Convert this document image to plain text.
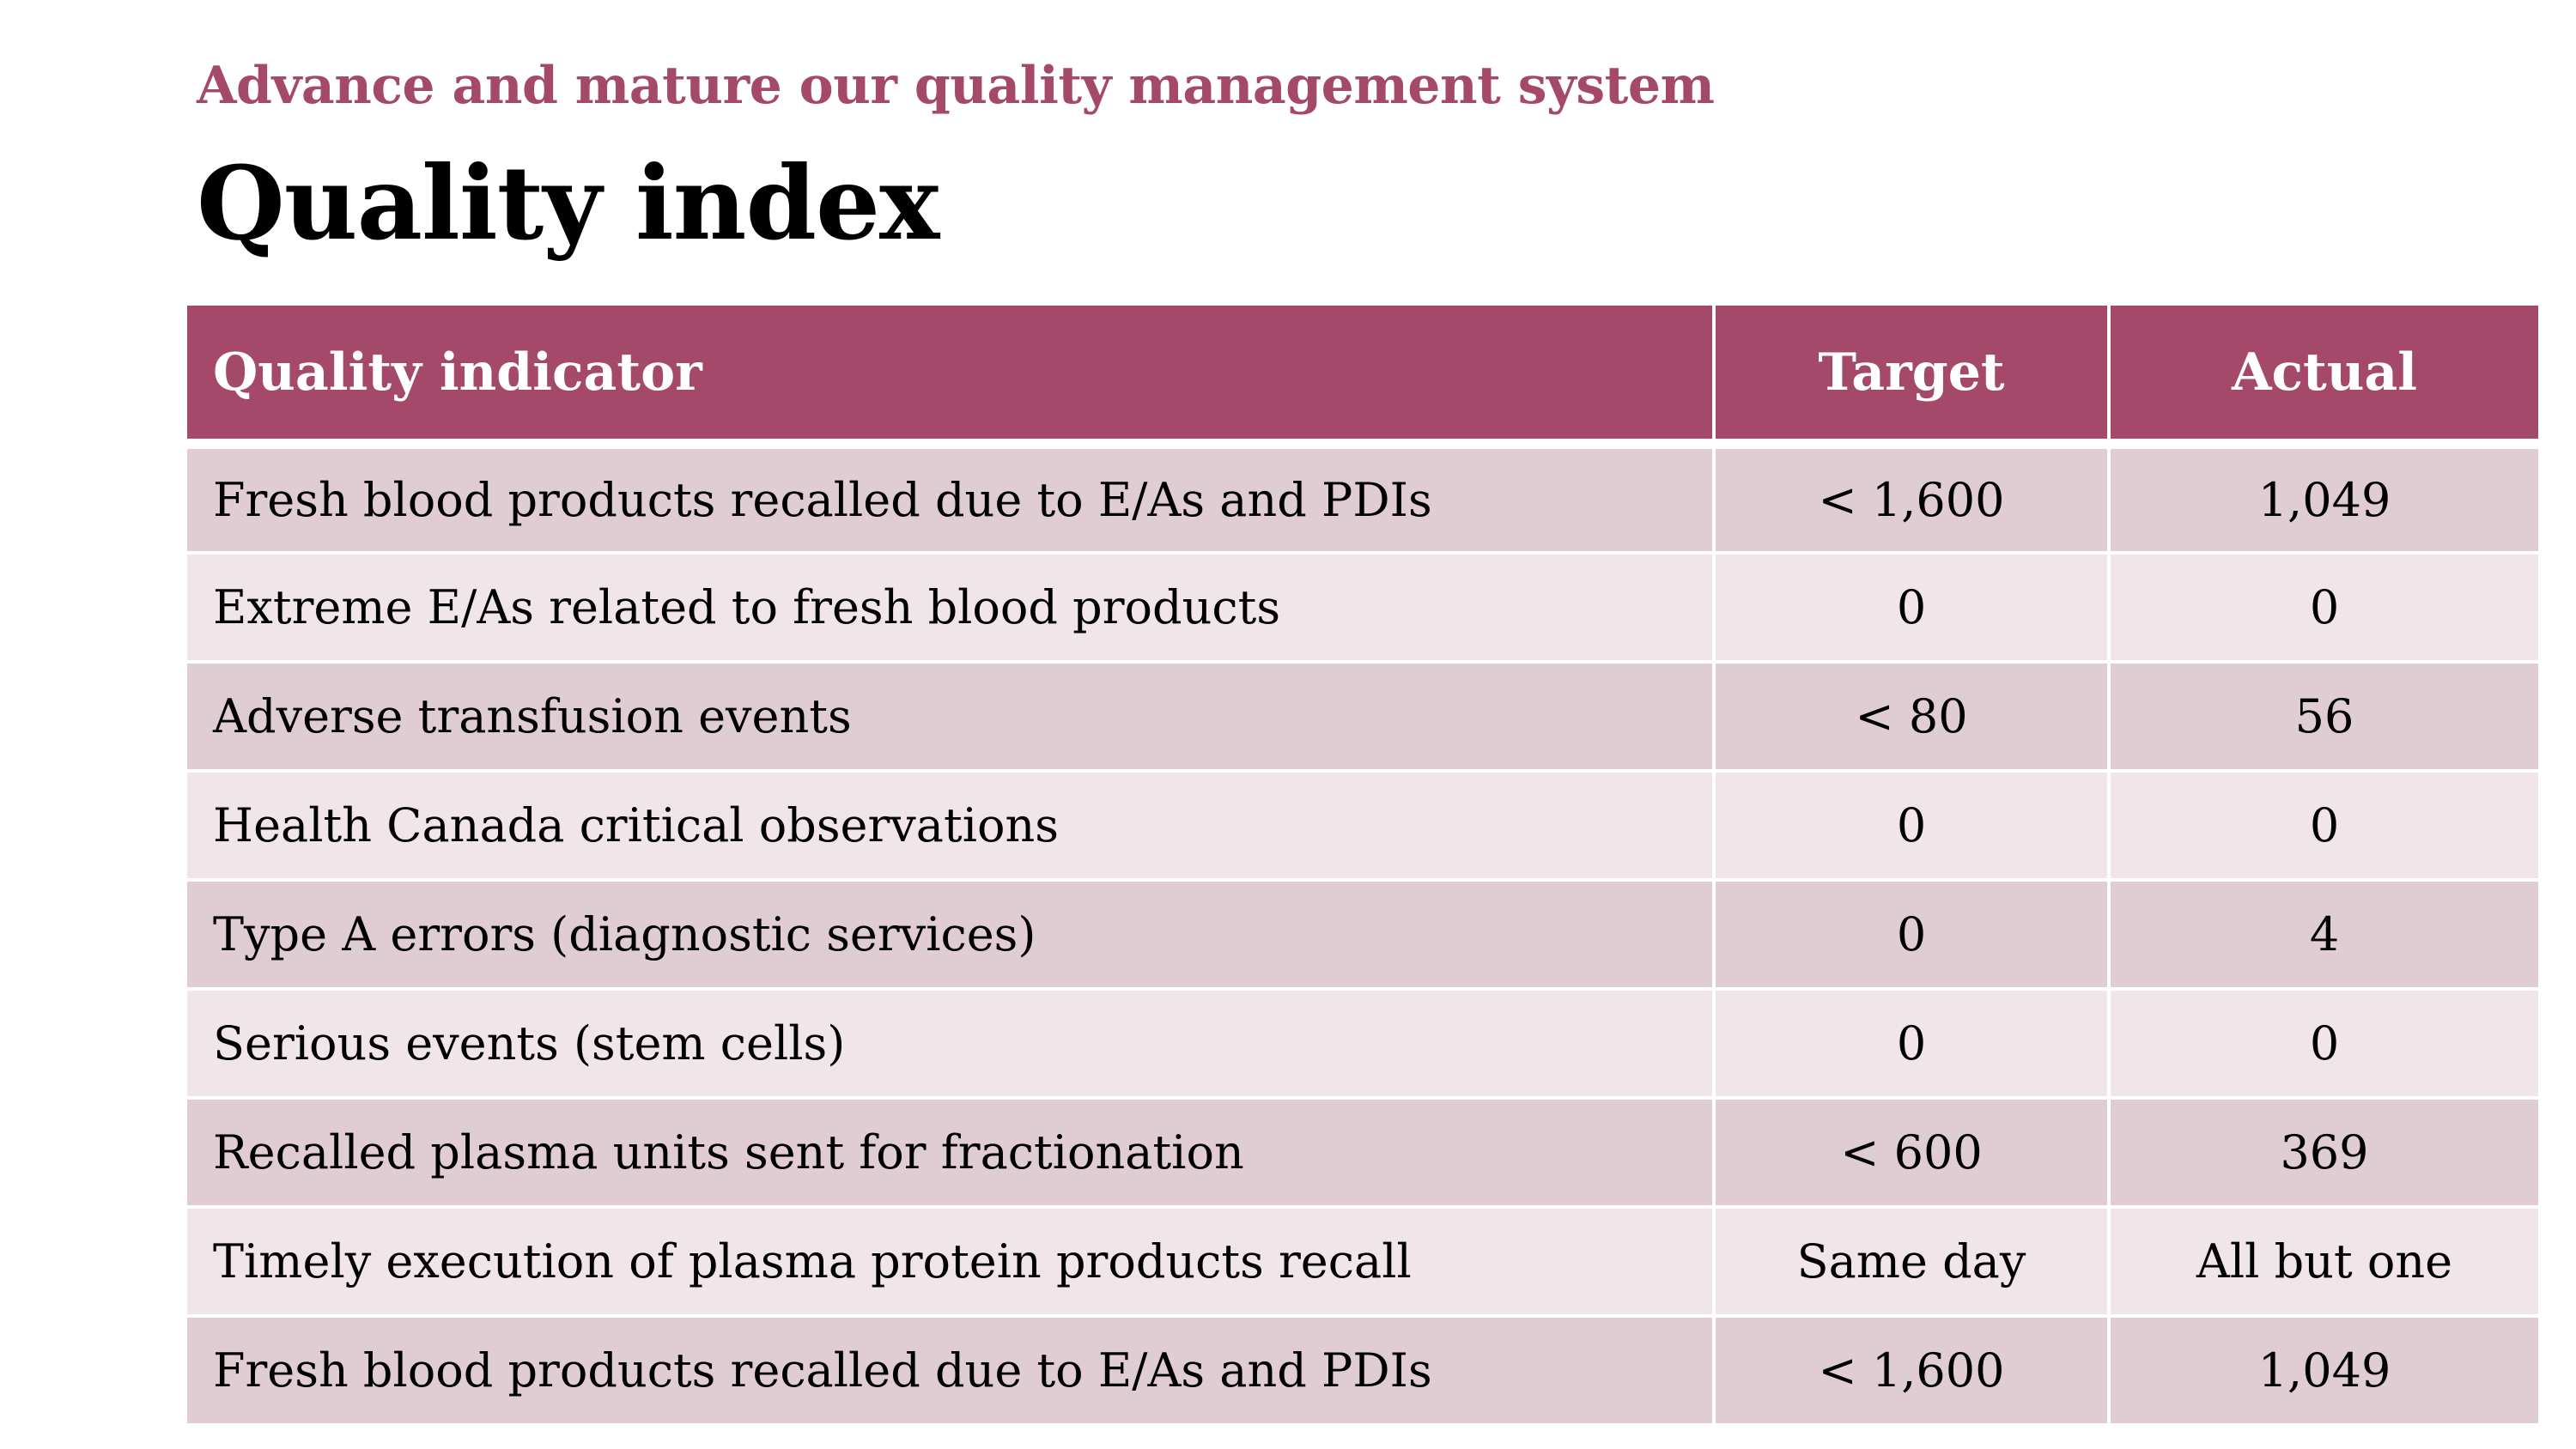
Advance and mature our quality management system
Quality index
Quality indicator	Target	Actual
Fresh blood products recalled due to E/As and PDIs	< 1,600	1,049
Extreme E/As related to fresh blood products	0	0
Adverse transfusion events	< 80	56
Health Canada critical observations	0	0
Type A errors (diagnostic services)	0	4
Serious events (stem cells)	0	0
Recalled plasma units sent for fractionation	< 600	369
Timely execution of plasma protein products recall	Same day	All but one
Fresh blood products recalled due to E/As and PDIs	< 1,600	1,049
